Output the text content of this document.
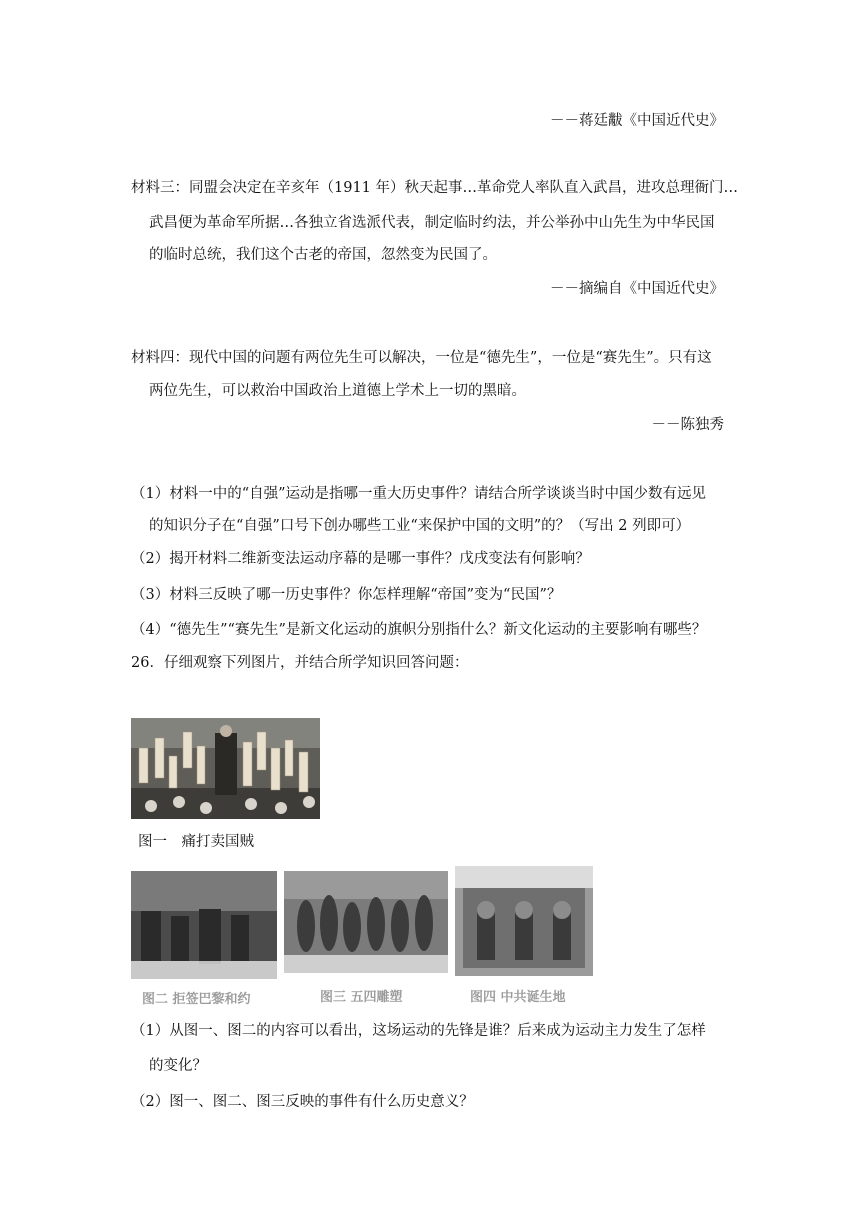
－－蒋廷黻《中国近代史》
材料三：同盟会决定在辛亥年（1911 年）秋天起事…革命党人率队直入武昌，进攻总理衙门…
武昌便为革命军所据…各独立省选派代表，制定临时约法，并公举孙中山先生为中华民国
的临时总统，我们这个古老的帝国，忽然变为民国了。
－－摘编自《中国近代史》
材料四：现代中国的问题有两位先生可以解决，一位是“德先生”，一位是“赛先生”。只有这
两位先生，可以救治中国政治上道德上学术上一切的黑暗。
－－陈独秀
（1）材料一中的“自强”运动是指哪一重大历史事件？请结合所学谈谈当时中国少数有远见
的知识分子在“自强”口号下创办哪些工业“来保护中国的文明”的？（写出 2 列即可）
（2）揭开材料二维新变法运动序幕的是哪一事件？戊戌变法有何影响？
（3）材料三反映了哪一历史事件？你怎样理解“帝国”变为“民国”？
（4）“德先生”“赛先生”是新文化运动的旗帜分别指什么？新文化运动的主要影响有哪些？
26．仔细观察下列图片，并结合所学知识回答问题：
图一　痛打卖国贼
图二 拒签巴黎和约	图三 五四雕塑	图四 中共诞生地
（1）从图一、图二的内容可以看出，这场运动的先锋是谁？后来成为运动主力发生了怎样
的变化？
（2）图一、图二、图三反映的事件有什么历史意义？
